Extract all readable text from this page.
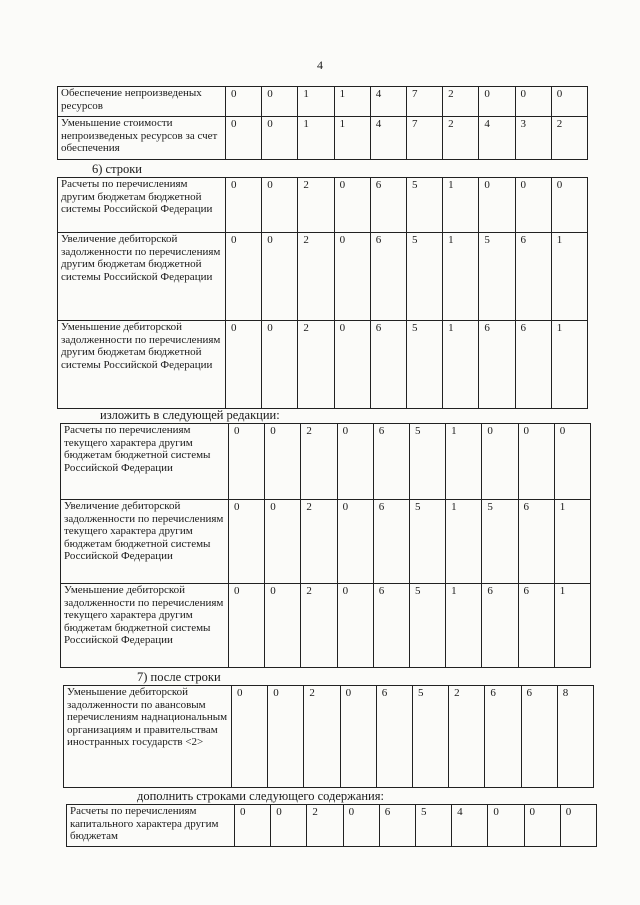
4
Обеспечение непроизведеных ресурсов	0	0	1	1	4	7	2	0	0	0
Уменьшение стоимости непроизведеных ресурсов за счет обеспечения	0	0	1	1	4	7	2	4	3	2
6) строки
Расчеты по перечислениям другим бюджетам бюджетной системы Российской Федерации	0	0	2	0	6	5	1	0	0	0
Увеличение дебиторской задолженности по перечислениям другим бюджетам бюджетной системы Российской Федерации	0	0	2	0	6	5	1	5	6	1
Уменьшение дебиторской задолженности по перечислениям другим бюджетам бюджетной системы Российской Федерации	0	0	2	0	6	5	1	6	6	1
изложить в следующей редакции:
Расчеты по перечислениям текущего характера другим бюджетам бюджетной системы Российской Федерации	0	0	2	0	6	5	1	0	0	0
Увеличение дебиторской задолженности по перечислениям текущего характера другим бюджетам бюджетной системы Российской Федерации	0	0	2	0	6	5	1	5	6	1
Уменьшение дебиторской задолженности по перечислениям текущего характера другим бюджетам бюджетной системы Российской Федерации	0	0	2	0	6	5	1	6	6	1
7) после строки
Уменьшение дебиторской задолженности по авансовым перечислениям наднациональным организациям и правительствам иностранных государств <2>	0	0	2	0	6	5	2	6	6	8
дополнить строками следующего содержания:
Расчеты по перечислениям капитального характера другим бюджетам	0	0	2	0	6	5	4	0	0	0
